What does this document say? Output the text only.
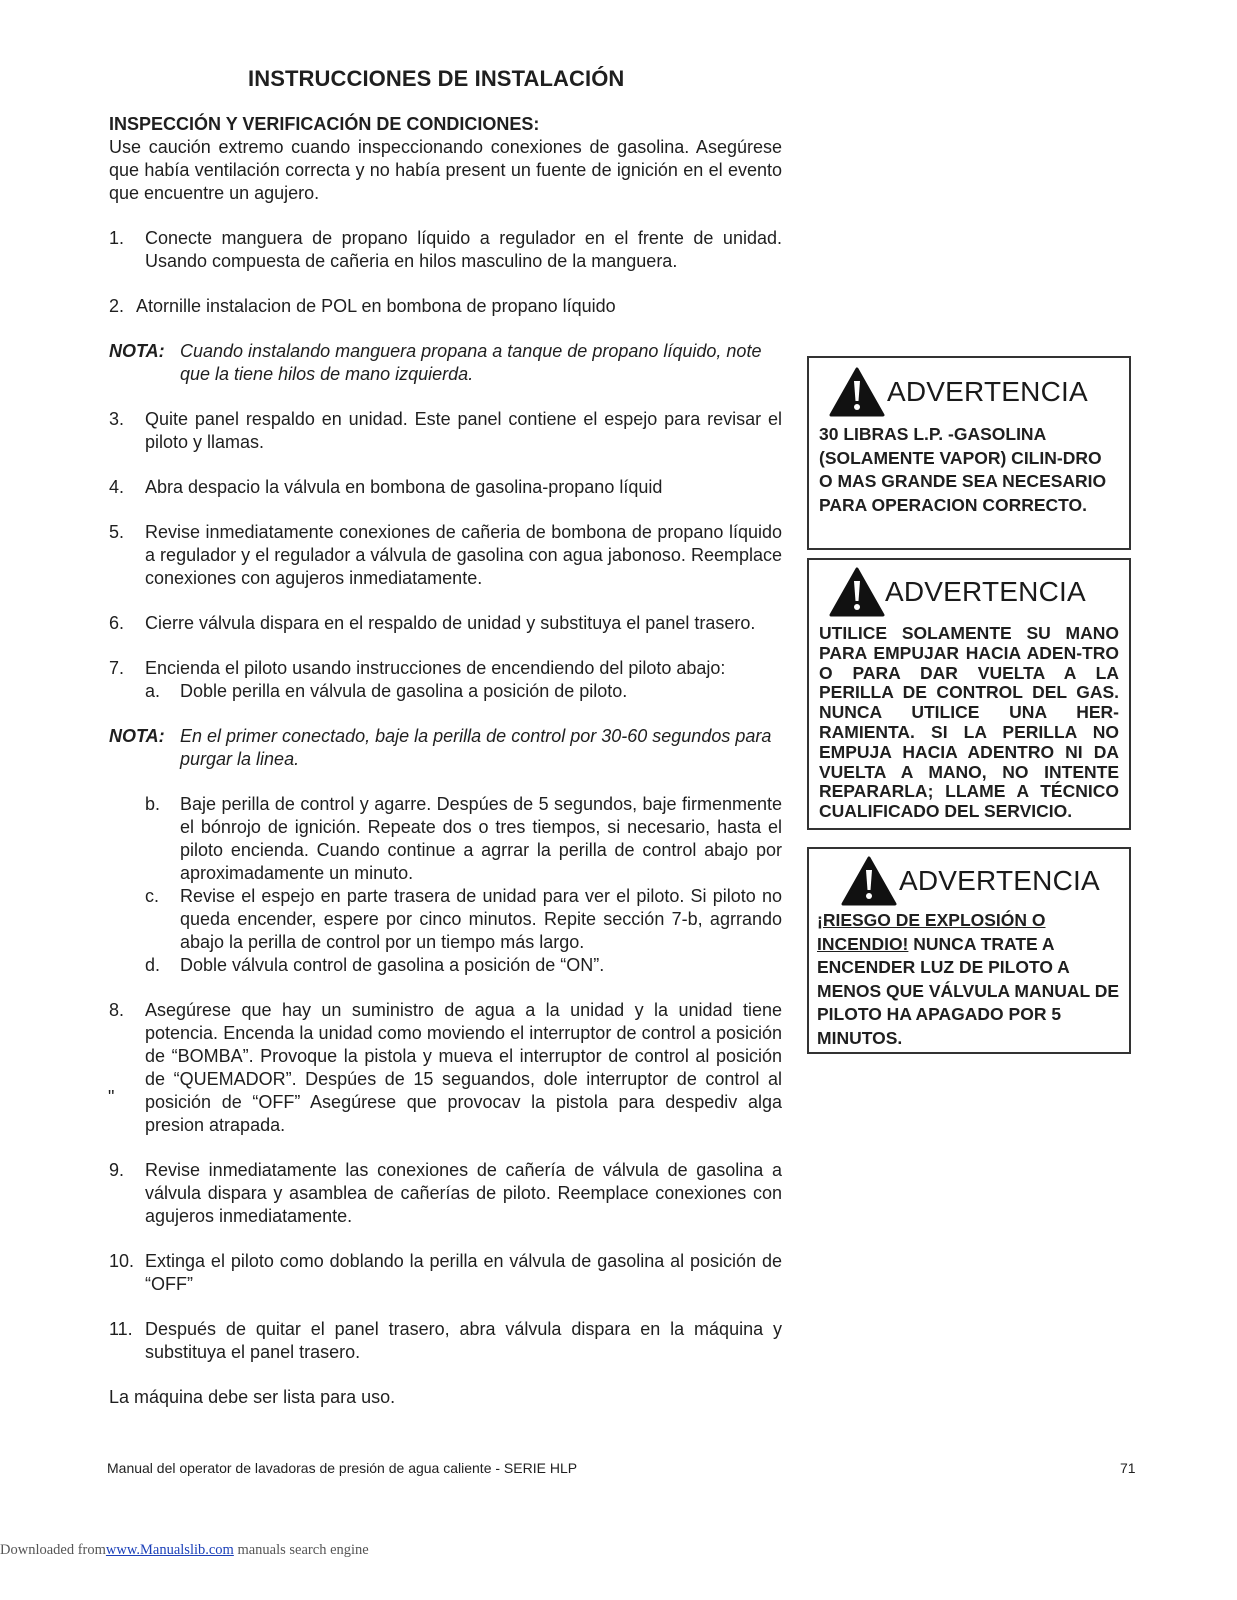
INSTRUCCIONES DE INSTALACIÓN
INSPECCIÓN Y VERIFICACIÓN DE CONDICIONES:
Use caución extremo cuando inspeccionando conexiones de gasolina. Asegúrese que había ventilación correcta y no había present un fuente de ignición en el evento que encuentre un agujero.
1.	Conecte manguera de propano líquido a regulador en el frente de unidad. Usando compuesta de cañeria en hilos masculino de la manguera.
2. Atornille instalacion de POL en bombona de propano líquido
NOTA: Cuando instalando manguera propana a tanque de propano líquido, note que la tiene hilos de mano izquierda.
3.	Quite panel respaldo en unidad. Este panel contiene el espejo para revisar el piloto y llamas.
4.	Abra despacio la válvula en bombona de gasolina-propano líquid
5.	Revise inmediatamente conexiones de cañeria de bombona de propano líquido a regulador y el regulador a válvula de gasolina con agua jabonoso. Reemplace conexiones con agujeros inmediatamente.
6.	Cierre válvula dispara en el respaldo de unidad y substituya el panel trasero.
7.	Encienda el piloto usando instrucciones de encendiendo del piloto abajo:
a.	Doble perilla en válvula de gasolina a posición de piloto.
NOTA: En el primer conectado, baje la perilla de control por 30-60 segundos para purgar la linea.
b.	Baje perilla de control y agarre. Despúes de 5 segundos, baje firmenmente el bónrojo de ignición. Repeate dos o tres tiempos, si necesario, hasta el piloto encienda. Cuando continue a agrrar la perilla de control abajo por aproximadamente un minuto.
c.	Revise el espejo en parte trasera de unidad para ver el piloto. Si piloto no queda encender, espere por cinco minutos. Repite sección 7-b, agrrando abajo la perilla de control por un tiempo más largo.
d.	Doble válvula control de gasolina a posición de “ON”.
8.	Asegúrese que hay un suministro de agua a la unidad y la unidad tiene potencia. Encenda la unidad como moviendo el interruptor de control a posición de “BOMBA”. Provoque la pistola y mueva el interruptor de control al posición de “QUEMADOR”. Despúes de 15 seguandos, dole interruptor de control al posición de “OFF” Asegúrese que provocav la pistola para despediv alga presion atrapada.
"
9.	Revise inmediatamente las conexiones de cañería de válvula de gasolina a válvula dispara y asamblea de cañerías de piloto. Reemplace conexiones con agujeros inmediatamente.
10. Extinga el piloto como doblando la perilla en válvula de gasolina al posición de “OFF”
11. Después de quitar el panel trasero, abra válvula dispara en la máquina y substituya el panel trasero.
La máquina debe ser lista para uso.
ADVERTENCIA
30 LIBRAS L.P. -GASOLINA (SOLAMENTE VAPOR) CILIN-DRO O MAS GRANDE SEA NECESARIO PARA OPERACION CORRECTO.
ADVERTENCIA
UTILICE SOLAMENTE SU MANO PARA EMPUJAR HACIA ADEN-TRO O PARA DAR VUELTA A LA PERILLA DE CONTROL DEL GAS. NUNCA UTILICE UNA HER-RAMIENTA. SI LA PERILLA NO EMPUJA HACIA ADENTRO NI DA VUELTA A MANO, NO INTENTE REPARARLA; LLAME A TÉCNICO CUALIFICADO DEL SERVICIO.
ADVERTENCIA
¡RIESGO DE EXPLOSIÓN O INCENDIO! NUNCA TRATE A ENCENDER LUZ DE PILOTO A MENOS QUE VÁLVULA MANUAL DE PILOTO HA APAGADO POR 5 MINUTOS.
Manual del operator de lavadoras de presión de agua caliente - SERIE HLP	71
Downloaded fromwww.Manualslib.com manuals search engine
